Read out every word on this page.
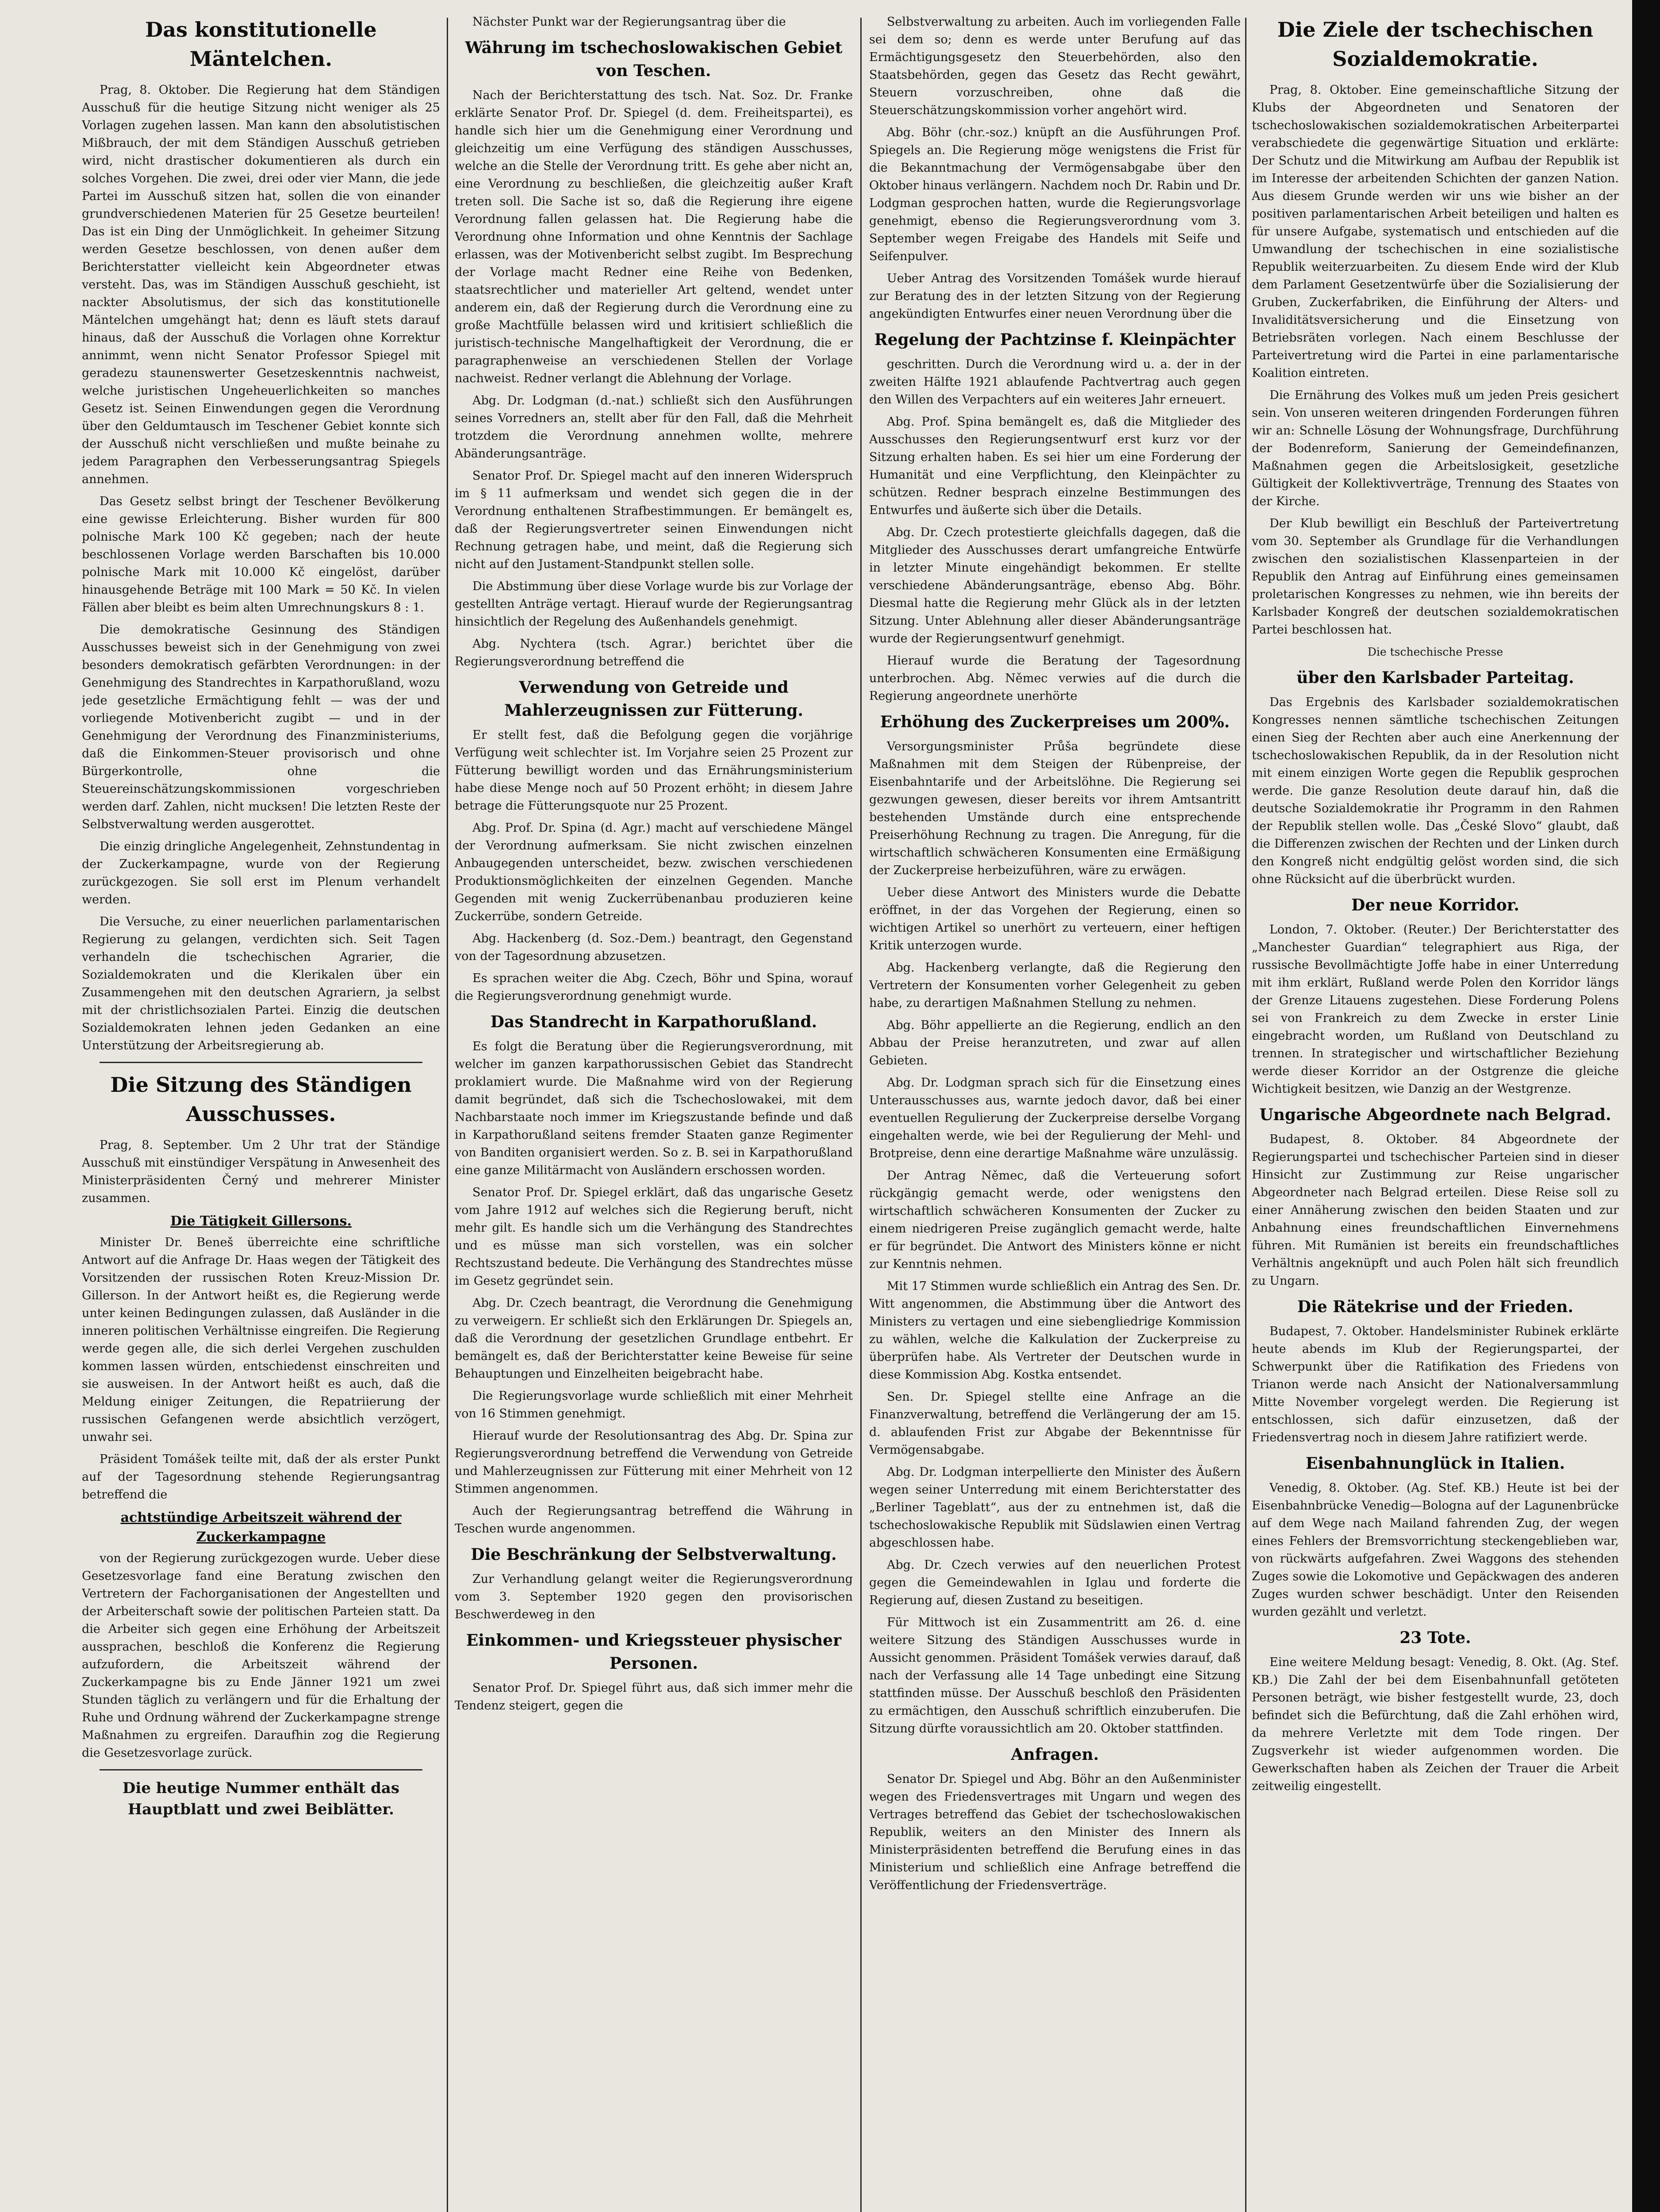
Das konstitutionelle Mäntelchen.

Prag, 8. Oktober. Die Regierung hat dem Ständigen Ausschuß für die heutige Sitzung nicht weniger als 25 Vorlagen zugehen lassen. Man kann den absolutistischen Mißbrauch, der mit dem Ständigen Ausschuß getrieben wird, nicht drastischer dokumentieren als durch ein solches Vorgehen. Die zwei, drei oder vier Mann, die jede Partei im Ausschuß sitzen hat, sollen die von einander grundverschiedenen Materien für 25 Gesetze beurteilen! Das ist ein Ding der Unmöglichkeit. In geheimer Sitzung werden Gesetze beschlossen, von denen außer dem Berichterstatter vielleicht kein Abgeordneter etwas versteht. Das, was im Ständigen Ausschuß geschieht, ist nackter Absolutismus, der sich das konstitutionelle Mäntelchen umgehängt hat; denn es läuft stets darauf hinaus, daß der Ausschuß die Vorlagen ohne Korrektur annimmt, wenn nicht Senator Professor Spiegel mit geradezu staunenswerter Gesetzeskenntnis nachweist, welche juristischen Ungeheuerlichkeiten so manches Gesetz ist. Seinen Einwendungen gegen die Verordnung über den Geldumtausch im Teschener Gebiet konnte sich der Ausschuß nicht verschließen und mußte beinahe zu jedem Paragraphen den Verbesserungsantrag Spiegels annehmen.

Das Gesetz selbst bringt der Teschener Bevölkerung eine gewisse Erleichterung. Bisher wurden für 800 polnische Mark 100 Kč gegeben; nach der heute beschlossenen Vorlage werden Barschaften bis 10.000 polnische Mark mit 10.000 Kč eingelöst, darüber hinausgehende Beträge mit 100 Mark = 50 Kč. In vielen Fällen aber bleibt es beim alten Umrechnungskurs 8 : 1.

Die demokratische Gesinnung des Ständigen Ausschusses beweist sich in der Genehmigung von zwei besonders demokratisch gefärbten Verordnungen: in der Genehmigung des Standrechtes in Karpathorußland, wozu jede gesetzliche Ermächtigung fehlt — was der und vorliegende Motivenbericht zugibt — und in der Genehmigung der Verordnung des Finanzministeriums, daß die Einkommen-Steuer provisorisch und ohne Bürgerkontrolle, ohne die Steuereinschätzungskommissionen vorgeschrieben werden darf. Zahlen, nicht mucksen! Die letzten Reste der Selbstverwaltung werden ausgerottet.

Die einzig dringliche Angelegenheit, Zehnstundentag in der Zuckerkampagne, wurde von der Regierung zurückgezogen. Sie soll erst im Plenum verhandelt werden.

Die Versuche, zu einer neuerlichen parlamentarischen Regierung zu gelangen, verdichten sich. Seit Tagen verhandeln die tschechischen Agrarier, die Sozialdemokraten und die Klerikalen über ein Zusammengehen mit den deutschen Agrariern, ja selbst mit der christlichsozialen Partei. Einzig die deutschen Sozialdemokraten lehnen jeden Gedanken an eine Unterstützung der Arbeitsregierung ab.

Die Sitzung des Ständigen Ausschusses.

Prag, 8. September. Um 2 Uhr trat der Ständige Ausschuß mit einstündiger Verspätung in Anwesenheit des Ministerpräsidenten Černý und mehrerer Minister zusammen.

Die Tätigkeit Gillersons.

Minister Dr. Beneš überreichte eine schriftliche Antwort auf die Anfrage Dr. Haas wegen der Tätigkeit des Vorsitzenden der russischen Roten Kreuz-Mission Dr. Gillerson. In der Antwort heißt es, die Regierung werde unter keinen Bedingungen zulassen, daß Ausländer in die inneren politischen Verhältnisse eingreifen. Die Regierung werde gegen alle, die sich derlei Vergehen zuschulden kommen lassen würden, entschiedenst einschreiten und sie ausweisen. In der Antwort heißt es auch, daß die Meldung einiger Zeitungen, die Repatriierung der russischen Gefangenen werde absichtlich verzögert, unwahr sei.

Präsident Tomášek teilte mit, daß der als erster Punkt auf der Tagesordnung stehende Regierungsantrag betreffend die

achtstündige Arbeitszeit während der Zuckerkampagne

von der Regierung zurückgezogen wurde. Ueber diese Gesetzesvorlage fand eine Beratung zwischen den Vertretern der Fachorganisationen der Angestellten und der Arbeiterschaft sowie der politischen Parteien statt. Da die Arbeiter sich gegen eine Erhöhung der Arbeitszeit aussprachen, beschloß die Konferenz die Regierung aufzufordern, die Arbeitszeit während der Zuckerkampagne bis zu Ende Jänner 1921 um zwei Stunden täglich zu verlängern und für die Erhaltung der Ruhe und Ordnung während der Zuckerkampagne strenge Maßnahmen zu ergreifen. Daraufhin zog die Regierung die Gesetzesvorlage zurück.

Die heutige Nummer enthält das Hauptblatt und zwei Beiblätter.

Nächster Punkt war der Regierungsantrag über die

Währung im tschechoslowakischen Gebiet von Teschen.

Nach der Berichterstattung des tsch. Nat. Soz. Dr. Franke erklärte Senator Prof. Dr. Spiegel (d. dem. Freiheitspartei), es handle sich hier um die Genehmigung einer Verordnung und gleichzeitig um eine Verfügung des ständigen Ausschusses, welche an die Stelle der Verordnung tritt. Es gehe aber nicht an, eine Verordnung zu beschließen, die gleichzeitig außer Kraft treten soll. Die Sache ist so, daß die Regierung ihre eigene Verordnung fallen gelassen hat. Die Regierung habe die Verordnung ohne Information und ohne Kenntnis der Sachlage erlassen, was der Motivenbericht selbst zugibt. Im Besprechung der Vorlage macht Redner eine Reihe von Bedenken, staatsrechtlicher und materieller Art geltend, wendet unter anderem ein, daß der Regierung durch die Verordnung eine zu große Machtfülle belassen wird und kritisiert schließlich die juristisch-technische Mangelhaftigkeit der Verordnung, die er paragraphenweise an verschiedenen Stellen der Vorlage nachweist. Redner verlangt die Ablehnung der Vorlage.

Abg. Dr. Lodgman (d.-nat.) schließt sich den Ausführungen seines Vorredners an, stellt aber für den Fall, daß die Mehrheit trotzdem die Verordnung annehmen wollte, mehrere Abänderungsanträge.

Senator Prof. Dr. Spiegel macht auf den inneren Widerspruch im § 11 aufmerksam und wendet sich gegen die in der Verordnung enthaltenen Strafbestimmungen. Er bemängelt es, daß der Regierungsvertreter seinen Einwendungen nicht Rechnung getragen habe, und meint, daß die Regierung sich nicht auf den Justament-Standpunkt stellen solle.

Die Abstimmung über diese Vorlage wurde bis zur Vorlage der gestellten Anträge vertagt. Hierauf wurde der Regierungsantrag hinsichtlich der Regelung des Außenhandels genehmigt.

Abg. Nychtera (tsch. Agrar.) berichtet über die Regierungsverordnung betreffend die

Verwendung von Getreide und Mahlerzeugnissen zur Fütterung.

Er stellt fest, daß die Befolgung gegen die vorjährige Verfügung weit schlechter ist. Im Vorjahre seien 25 Prozent zur Fütterung bewilligt worden und das Ernährungsministerium habe diese Menge noch auf 50 Prozent erhöht; in diesem Jahre betrage die Fütterungsquote nur 25 Prozent.

Abg. Prof. Dr. Spina (d. Agr.) macht auf verschiedene Mängel der Verordnung aufmerksam. Sie nicht zwischen einzelnen Anbaugegenden unterscheidet, bezw. zwischen verschiedenen Produktionsmöglichkeiten der einzelnen Gegenden. Manche Gegenden mit wenig Zuckerrübenanbau produzieren keine Zuckerrübe, sondern Getreide.

Abg. Hackenberg (d. Soz.-Dem.) beantragt, den Gegenstand von der Tagesordnung abzusetzen.

Es sprachen weiter die Abg. Czech, Böhr und Spina, worauf die Regierungsverordnung genehmigt wurde.

Das Standrecht in Karpathorußland.

Es folgt die Beratung über die Regierungsverordnung, mit welcher im ganzen karpathorussischen Gebiet das Standrecht proklamiert wurde. Die Maßnahme wird von der Regierung damit begründet, daß sich die Tschechoslowakei, mit dem Nachbarstaate noch immer im Kriegszustande befinde und daß in Karpathorußland seitens fremder Staaten ganze Regimenter von Banditen organisiert werden. So z. B. sei in Karpathorußland eine ganze Militärmacht von Ausländern erschossen worden.

Senator Prof. Dr. Spiegel erklärt, daß das ungarische Gesetz vom Jahre 1912 auf welches sich die Regierung beruft, nicht mehr gilt. Es handle sich um die Verhängung des Standrechtes und es müsse man sich vorstellen, was ein solcher Rechtszustand bedeute. Die Verhängung des Standrechtes müsse im Gesetz gegründet sein.

Abg. Dr. Czech beantragt, die Verordnung die Genehmigung zu verweigern. Er schließt sich den Erklärungen Dr. Spiegels an, daß die Verordnung der gesetzlichen Grundlage entbehrt. Er bemängelt es, daß der Berichterstatter keine Beweise für seine Behauptungen und Einzelheiten beigebracht habe.

Die Regierungsvorlage wurde schließlich mit einer Mehrheit von 16 Stimmen genehmigt.

Hierauf wurde der Resolutionsantrag des Abg. Dr. Spina zur Regierungsverordnung betreffend die Verwendung von Getreide und Mahlerzeugnissen zur Fütterung mit einer Mehrheit von 12 Stimmen angenommen.

Auch der Regierungsantrag betreffend die Währung in Teschen wurde angenommen.

Die Beschränkung der Selbstverwaltung.

Zur Verhandlung gelangt weiter die Regierungsverordnung vom 3. September 1920 gegen den provisorischen Beschwerdeweg in den

Einkommen- und Kriegssteuer physischer Personen.

Senator Prof. Dr. Spiegel führt aus, daß sich immer mehr die Tendenz steigert, gegen die

Selbstverwaltung zu arbeiten. Auch im vorliegenden Falle sei dem so; denn es werde unter Berufung auf das Ermächtigungsgesetz den Steuerbehörden, also den Staatsbehörden, gegen das Gesetz das Recht gewährt, Steuern vorzuschreiben, ohne daß die Steuerschätzungskommission vorher angehört wird.

Abg. Böhr (chr.-soz.) knüpft an die Ausführungen Prof. Spiegels an. Die Regierung möge wenigstens die Frist für die Bekanntmachung der Vermögensabgabe über den Oktober hinaus verlängern. Nachdem noch Dr. Rabin und Dr. Lodgman gesprochen hatten, wurde die Regierungsvorlage genehmigt, ebenso die Regierungsverordnung vom 3. September wegen Freigabe des Handels mit Seife und Seifenpulver.

Ueber Antrag des Vorsitzenden Tomášek wurde hierauf zur Beratung des in der letzten Sitzung von der Regierung angekündigten Entwurfes einer neuen Verordnung über die

Regelung der Pachtzinse f. Kleinpächter

geschritten. Durch die Verordnung wird u. a. der in der zweiten Hälfte 1921 ablaufende Pachtvertrag auch gegen den Willen des Verpachters auf ein weiteres Jahr erneuert.

Abg. Prof. Spina bemängelt es, daß die Mitglieder des Ausschusses den Regierungsentwurf erst kurz vor der Sitzung erhalten haben. Es sei hier um eine Forderung der Humanität und eine Verpflichtung, den Kleinpächter zu schützen. Redner besprach einzelne Bestimmungen des Entwurfes und äußerte sich über die Details.

Abg. Dr. Czech protestierte gleichfalls dagegen, daß die Mitglieder des Ausschusses derart umfangreiche Entwürfe in letzter Minute eingehändigt bekommen. Er stellte verschiedene Abänderungsanträge, ebenso Abg. Böhr. Diesmal hatte die Regierung mehr Glück als in der letzten Sitzung. Unter Ablehnung aller dieser Abänderungsanträge wurde der Regierungsentwurf genehmigt.

Hierauf wurde die Beratung der Tagesordnung unterbrochen. Abg. Němec verwies auf die durch die Regierung angeordnete unerhörte

Erhöhung des Zuckerpreises um 200%.

Versorgungsminister Průša begründete diese Maßnahmen mit dem Steigen der Rübenpreise, der Eisenbahntarife und der Arbeitslöhne. Die Regierung sei gezwungen gewesen, dieser bereits vor ihrem Amtsantritt bestehenden Umstände durch eine entsprechende Preiserhöhung Rechnung zu tragen. Die Anregung, für die wirtschaftlich schwächeren Konsumenten eine Ermäßigung der Zuckerpreise herbeizuführen, wäre zu erwägen.

Ueber diese Antwort des Ministers wurde die Debatte eröffnet, in der das Vorgehen der Regierung, einen so wichtigen Artikel so unerhört zu verteuern, einer heftigen Kritik unterzogen wurde.

Abg. Hackenberg verlangte, daß die Regierung den Vertretern der Konsumenten vorher Gelegenheit zu geben habe, zu derartigen Maßnahmen Stellung zu nehmen.

Abg. Böhr appellierte an die Regierung, endlich an den Abbau der Preise heranzutreten, und zwar auf allen Gebieten.

Abg. Dr. Lodgman sprach sich für die Einsetzung eines Unterausschusses aus, warnte jedoch davor, daß bei einer eventuellen Regulierung der Zuckerpreise derselbe Vorgang eingehalten werde, wie bei der Regulierung der Mehl- und Brotpreise, denn eine derartige Maßnahme wäre unzulässig.

Der Antrag Němec, daß die Verteuerung sofort rückgängig gemacht werde, oder wenigstens den wirtschaftlich schwächeren Konsumenten der Zucker zu einem niedrigeren Preise zugänglich gemacht werde, halte er für begründet. Die Antwort des Ministers könne er nicht zur Kenntnis nehmen.

Mit 17 Stimmen wurde schließlich ein Antrag des Sen. Dr. Witt angenommen, die Abstimmung über die Antwort des Ministers zu vertagen und eine siebengliedrige Kommission zu wählen, welche die Kalkulation der Zuckerpreise zu überprüfen habe. Als Vertreter der Deutschen wurde in diese Kommission Abg. Kostka entsendet.

Sen. Dr. Spiegel stellte eine Anfrage an die Finanzverwaltung, betreffend die Verlängerung der am 15. d. ablaufenden Frist zur Abgabe der Bekenntnisse für Vermögensabgabe.

Abg. Dr. Lodgman interpellierte den Minister des Äußern wegen seiner Unterredung mit einem Berichterstatter des „Berliner Tageblatt“, aus der zu entnehmen ist, daß die tschechoslowakische Republik mit Südslawien einen Vertrag abgeschlossen habe.

Abg. Dr. Czech verwies auf den neuerlichen Protest gegen die Gemeindewahlen in Iglau und forderte die Regierung auf, diesen Zustand zu beseitigen.

Für Mittwoch ist ein Zusammentritt am 26. d. eine weitere Sitzung des Ständigen Ausschusses wurde in Aussicht genommen. Präsident Tomášek verwies darauf, daß nach der Verfassung alle 14 Tage unbedingt eine Sitzung stattfinden müsse. Der Ausschuß beschloß den Präsidenten zu ermächtigen, den Ausschuß schriftlich einzuberufen. Die Sitzung dürfte voraussichtlich am 20. Oktober stattfinden.

Anfragen.

Senator Dr. Spiegel und Abg. Böhr an den Außenminister wegen des Friedensvertrages mit Ungarn und wegen des Vertrages betreffend das Gebiet der tschechoslowakischen Republik, weiters an den Minister des Innern als Ministerpräsidenten betreffend die Berufung eines in das Ministerium und schließlich eine Anfrage betreffend die Veröffentlichung der Friedensverträge.

Die Ziele der tschechischen Sozialdemokratie.

Prag, 8. Oktober. Eine gemeinschaftliche Sitzung der Klubs der Abgeordneten und Senatoren der tschechoslowakischen sozialdemokratischen Arbeiterpartei verabschiedete die gegenwärtige Situation und erklärte: Der Schutz und die Mitwirkung am Aufbau der Republik ist im Interesse der arbeitenden Schichten der ganzen Nation. Aus diesem Grunde werden wir uns wie bisher an der positiven parlamentarischen Arbeit beteiligen und halten es für unsere Aufgabe, systematisch und entschieden auf die Umwandlung der tschechischen in eine sozialistische Republik weiterzuarbeiten. Zu diesem Ende wird der Klub dem Parlament Gesetzentwürfe über die Sozialisierung der Gruben, Zuckerfabriken, die Einführung der Alters- und Invaliditätsversicherung und die Einsetzung von Betriebsräten vorlegen. Nach einem Beschlusse der Parteivertretung wird die Partei in eine parlamentarische Koalition eintreten.

Die Ernährung des Volkes muß um jeden Preis gesichert sein. Von unseren weiteren dringenden Forderungen führen wir an: Schnelle Lösung der Wohnungsfrage, Durchführung der Bodenreform, Sanierung der Gemeindefinanzen, Maßnahmen gegen die Arbeitslosigkeit, gesetzliche Gültigkeit der Kollektivverträge, Trennung des Staates von der Kirche.

Der Klub bewilligt ein Beschluß der Parteivertretung vom 30. September als Grundlage für die Verhandlungen zwischen den sozialistischen Klassenparteien in der Republik den Antrag auf Einführung eines gemeinsamen proletarischen Kongresses zu nehmen, wie ihn bereits der Karlsbader Kongreß der deutschen sozialdemokratischen Partei beschlossen hat.

Die tschechische Presse
über den Karlsbader Parteitag.

Das Ergebnis des Karlsbader sozialdemokratischen Kongresses nennen sämtliche tschechischen Zeitungen einen Sieg der Rechten aber auch eine Anerkennung der tschechoslowakischen Republik, da in der Resolution nicht mit einem einzigen Worte gegen die Republik gesprochen werde. Die ganze Resolution deute darauf hin, daß die deutsche Sozialdemokratie ihr Programm in den Rahmen der Republik stellen wolle. Das „České Slovo“ glaubt, daß die Differenzen zwischen der Rechten und der Linken durch den Kongreß nicht endgültig gelöst worden sind, die sich ohne Rücksicht auf die überbrückt wurden.

Der neue Korridor.

London, 7. Oktober. (Reuter.) Der Berichterstatter des „Manchester Guardian“ telegraphiert aus Riga, der russische Bevollmächtigte Joffe habe in einer Unterredung mit ihm erklärt, Rußland werde Polen den Korridor längs der Grenze Litauens zugestehen. Diese Forderung Polens sei von Frankreich zu dem Zwecke in erster Linie eingebracht worden, um Rußland von Deutschland zu trennen. In strategischer und wirtschaftlicher Beziehung werde dieser Korridor an der Ostgrenze die gleiche Wichtigkeit besitzen, wie Danzig an der Westgrenze.

Ungarische Abgeordnete nach Belgrad.

Budapest, 8. Oktober. 84 Abgeordnete der Regierungspartei und tschechischer Parteien sind in dieser Hinsicht zur Zustimmung zur Reise ungarischer Abgeordneter nach Belgrad erteilen. Diese Reise soll zu einer Annäherung zwischen den beiden Staaten und zur Anbahnung eines freundschaftlichen Einvernehmens führen. Mit Rumänien ist bereits ein freundschaftliches Verhältnis angeknüpft und auch Polen hält sich freundlich zu Ungarn.

Die Rätekrise und der Frieden.

Budapest, 7. Oktober. Handelsminister Rubinek erklärte heute abends im Klub der Regierungspartei, der Schwerpunkt über die Ratifikation des Friedens von Trianon werde nach Ansicht der Nationalversammlung Mitte November vorgelegt werden. Die Regierung ist entschlossen, sich dafür einzusetzen, daß der Friedensvertrag noch in diesem Jahre ratifiziert werde.

Eisenbahnunglück in Italien.

Venedig, 8. Oktober. (Ag. Stef. KB.) Heute ist bei der Eisenbahnbrücke Venedig—Bologna auf der Lagunenbrücke auf dem Wege nach Mailand fahrenden Zug, der wegen eines Fehlers der Bremsvorrichtung steckengeblieben war, von rückwärts aufgefahren. Zwei Waggons des stehenden Zuges sowie die Lokomotive und Gepäckwagen des anderen Zuges wurden schwer beschädigt. Unter den Reisenden wurden gezählt und verletzt.

23 Tote.

Eine weitere Meldung besagt: Venedig, 8. Okt. (Ag. Stef. KB.) Die Zahl der bei dem Eisenbahnunfall getöteten Personen beträgt, wie bisher festgestellt wurde, 23, doch befindet sich die Befürchtung, daß die Zahl erhöhen wird, da mehrere Verletzte mit dem Tode ringen. Der Zugsverkehr ist wieder aufgenommen worden. Die Gewerkschaften haben als Zeichen der Trauer die Arbeit zeitweilig eingestellt.
